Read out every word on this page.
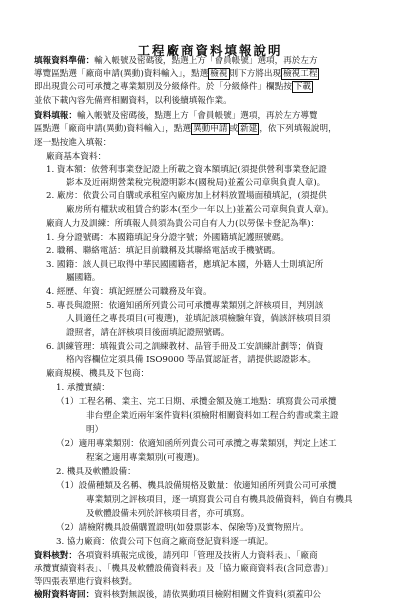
工程廠商資料填報說明
填報資料準備：輸入帳號及密碼後，點選上方「會員帳號」選項，再於左方
導覽區點選「廠商申請(異動)資料輸入」，點選 檢視 則下方將出現 檢視工程
即出現貴公司可承攬之專業類別及分級條件。於「分級條件」欄點按 下載
並依下載內容先備齊相關資料，以利後續填報作業。
資料填報：輸入帳號及密碼後，點選上方「會員帳號」選項，再於左方導覽
區點選「廠商申請(異動)資料輸入」，點選 異動申請 或 新建 ，依下列填報說明，
逐一點按進入填報：
廠商基本資料：
1. 資本額：依營利事業登記證上所載之資本額填記(須提供營利事業登記證
影本及近兩期營業稅完稅證明影本(國稅局)並蓋公司章與負責人章)。
2. 廠房：依貴公司自購或承租室內廠房加上材料放置場面積填記，(須提供
廠房所有權狀或租賃合約影本(至少一年以上)並蓋公司章與負責人章)。
廠商人力及訓練：所填報人員須為貴公司自有人力(以勞保卡登記為準)：
1. 身分證號碼：本國籍填記身分證字號；外國籍填記護照號碼。
2. 職稱、聯絡電話：填記目前職稱及其聯絡電話或手機號碼。
3. 國籍：該人員已取得中華民國國籍者，應填記本國，外籍人士則填記所
屬國籍。
4. 經歷、年資：填記經歷公司職務及年資。
5. 專長與證照：依適知函所列貴公司可承攬專業類別之評核項目，判別該
人員適任之專長項目(可複選)，並填記該項檢驗年資，倘該評核項目須
證照者，請在評核項目後面填記證照號碼。
6. 訓練管理：填報貴公司之訓練教材、品管手冊及工安訓練計劃等；倘資
格內容欄位定須具備 ISO9000 等品質認証者，請提供認證影本。
廠商規模、機具及下包商：
1. 承攬實績：
（1）工程名稱、業主、完工日期、承攬金額及施工地點：填寫貴公司承攬
非台塑企業近兩年案件資料(須檢附相關資料如工程合約書或業主證
明）
（2）適用專業類別：依適知函所列貴公司可承攬之專業類別，判定上述工
程案之適用專業類別(可複選)。
2. 機具及軟體設備：
（1）設備種類及名稱、機具設備規格及數量：依適知函所列貴公司可承攬
專業類別之評核項目，逐一填寫貴公司自有機具設備資料，倘自有機具
及軟體設備未列於評核項目者，亦可填寫。
（2）請檢附機具設備購置證明(如發票影本、保險等)及實物照片。
3. 協力廠商：依貴公司下包商之廠商登記資料逐一填記。
資料核對：各項資料填報完成後，請列印「管理及技術人力資料表」、「廠商
承攬實績資料表」、「機具及軟體設備資料表」及「協力廠商資料表(含同意書)」
等四張表單進行資料核對。
檢附資料寄回：資料核對無誤後，請依異動項目檢附相關文件資料(須蓋印公
